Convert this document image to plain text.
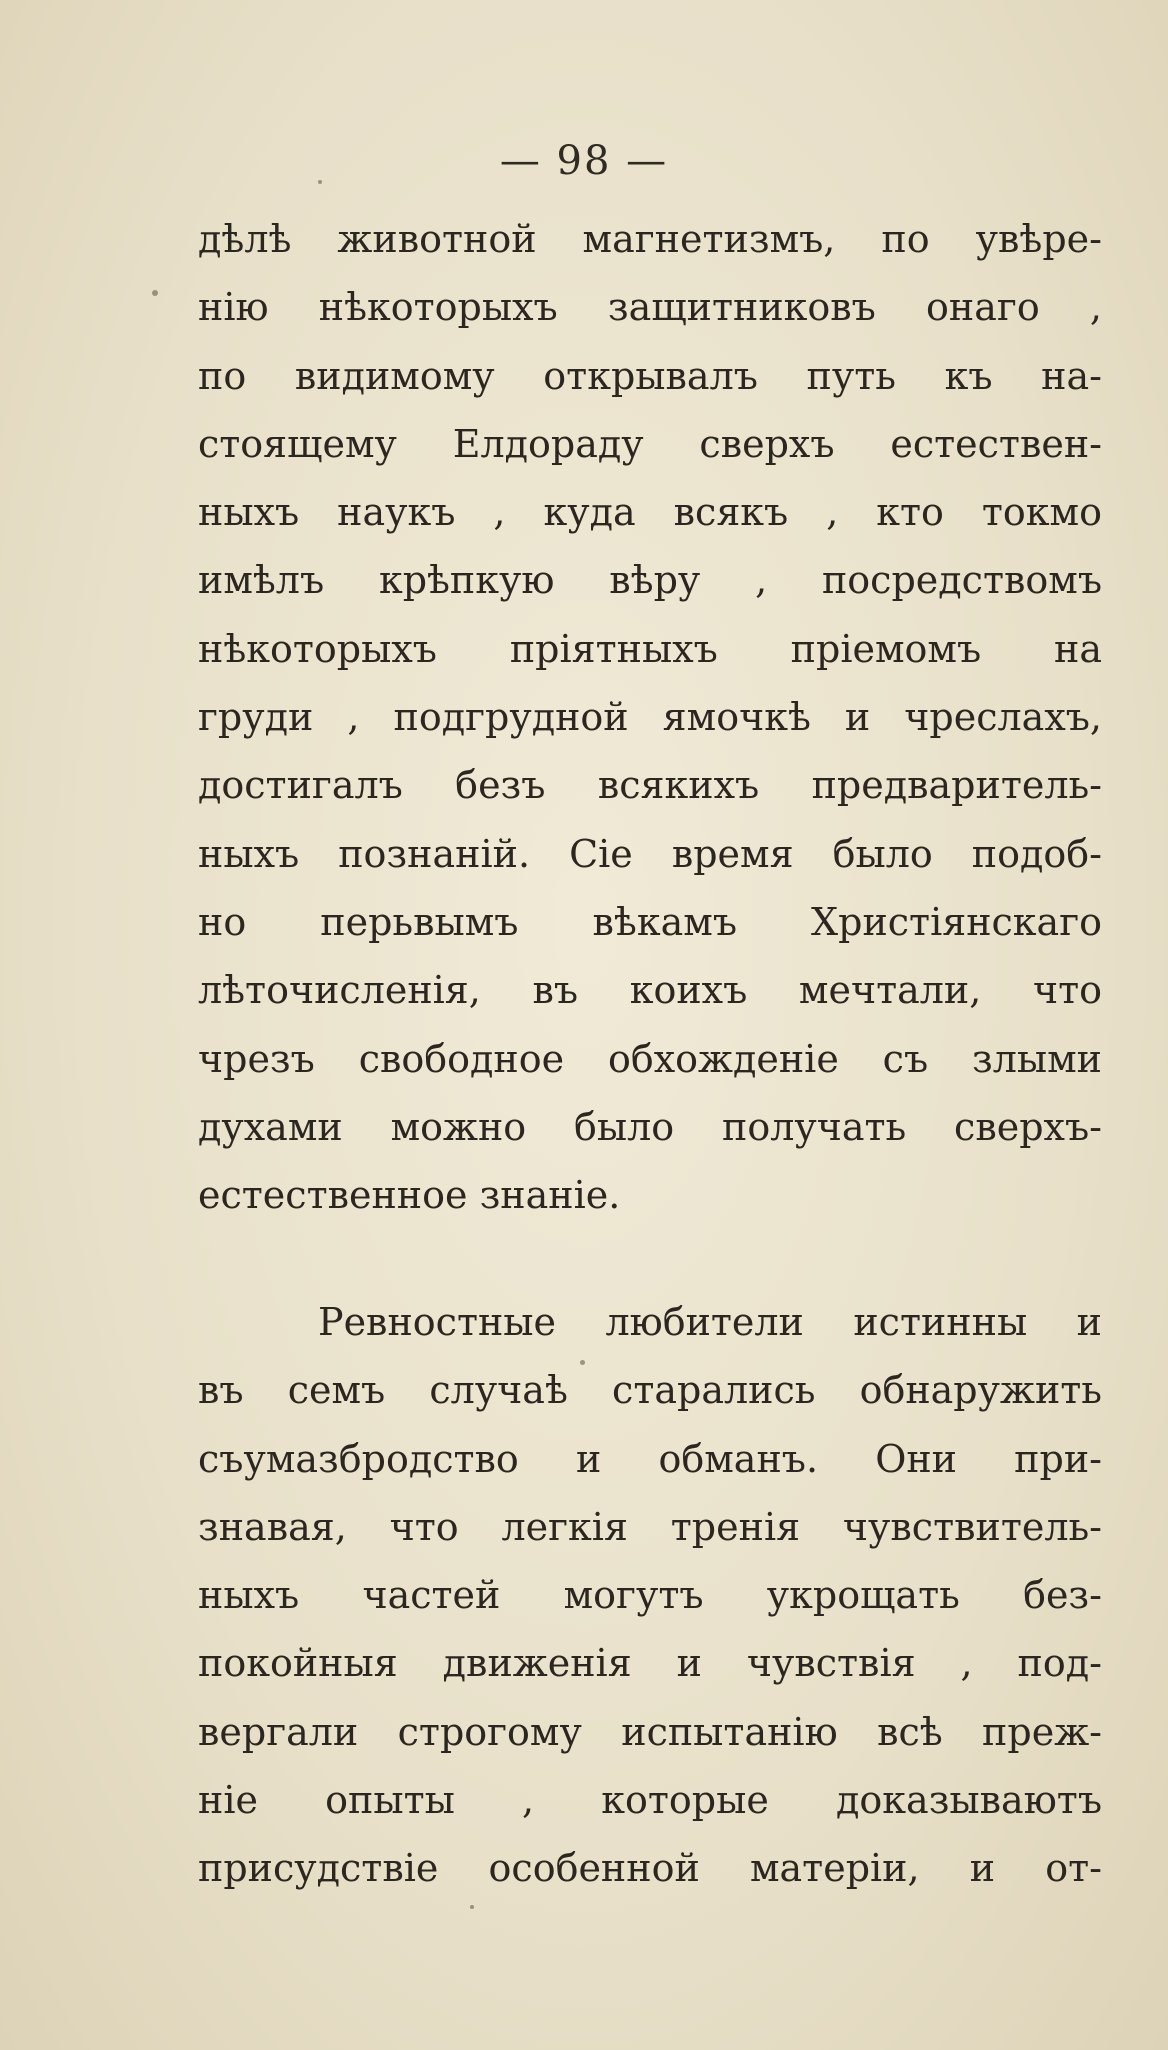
— 98 —
дѣлѣ животной магнетизмъ, по увѣре-
нію нѣкоторыхъ защитниковъ онаго ,
по видимому открывалъ путь къ на-
стоящему Елдораду сверхъ естествен-
ныхъ наукъ , куда всякъ , кто токмо
имѣлъ крѣпкую вѣру , посредствомъ
нѣкоторыхъ пріятныхъ пріемомъ на
груди , подгрудной ямочкѣ и чреслахъ,
достигалъ безъ всякихъ предваритель-
ныхъ познаній. Сіе время было подоб-
но перьвымъ вѣкамъ Христіянскаго
лѣточисленія, въ коихъ мечтали, что
чрезъ свободное обхожденіе съ злыми
духами можно было получать сверхъ-
естественное знаніе.
Ревностные любители истинны и
въ семъ случаѣ старались обнаружить
съумазбродство и обманъ. Они при-
знавая, что легкія тренія чувствитель-
ныхъ частей могутъ укрощать без-
покойныя движенія и чувствія , под-
вергали строгому испытанію всѣ преж-
ніе опыты , которые доказываютъ
присудствіе особенной матеріи, и от-
